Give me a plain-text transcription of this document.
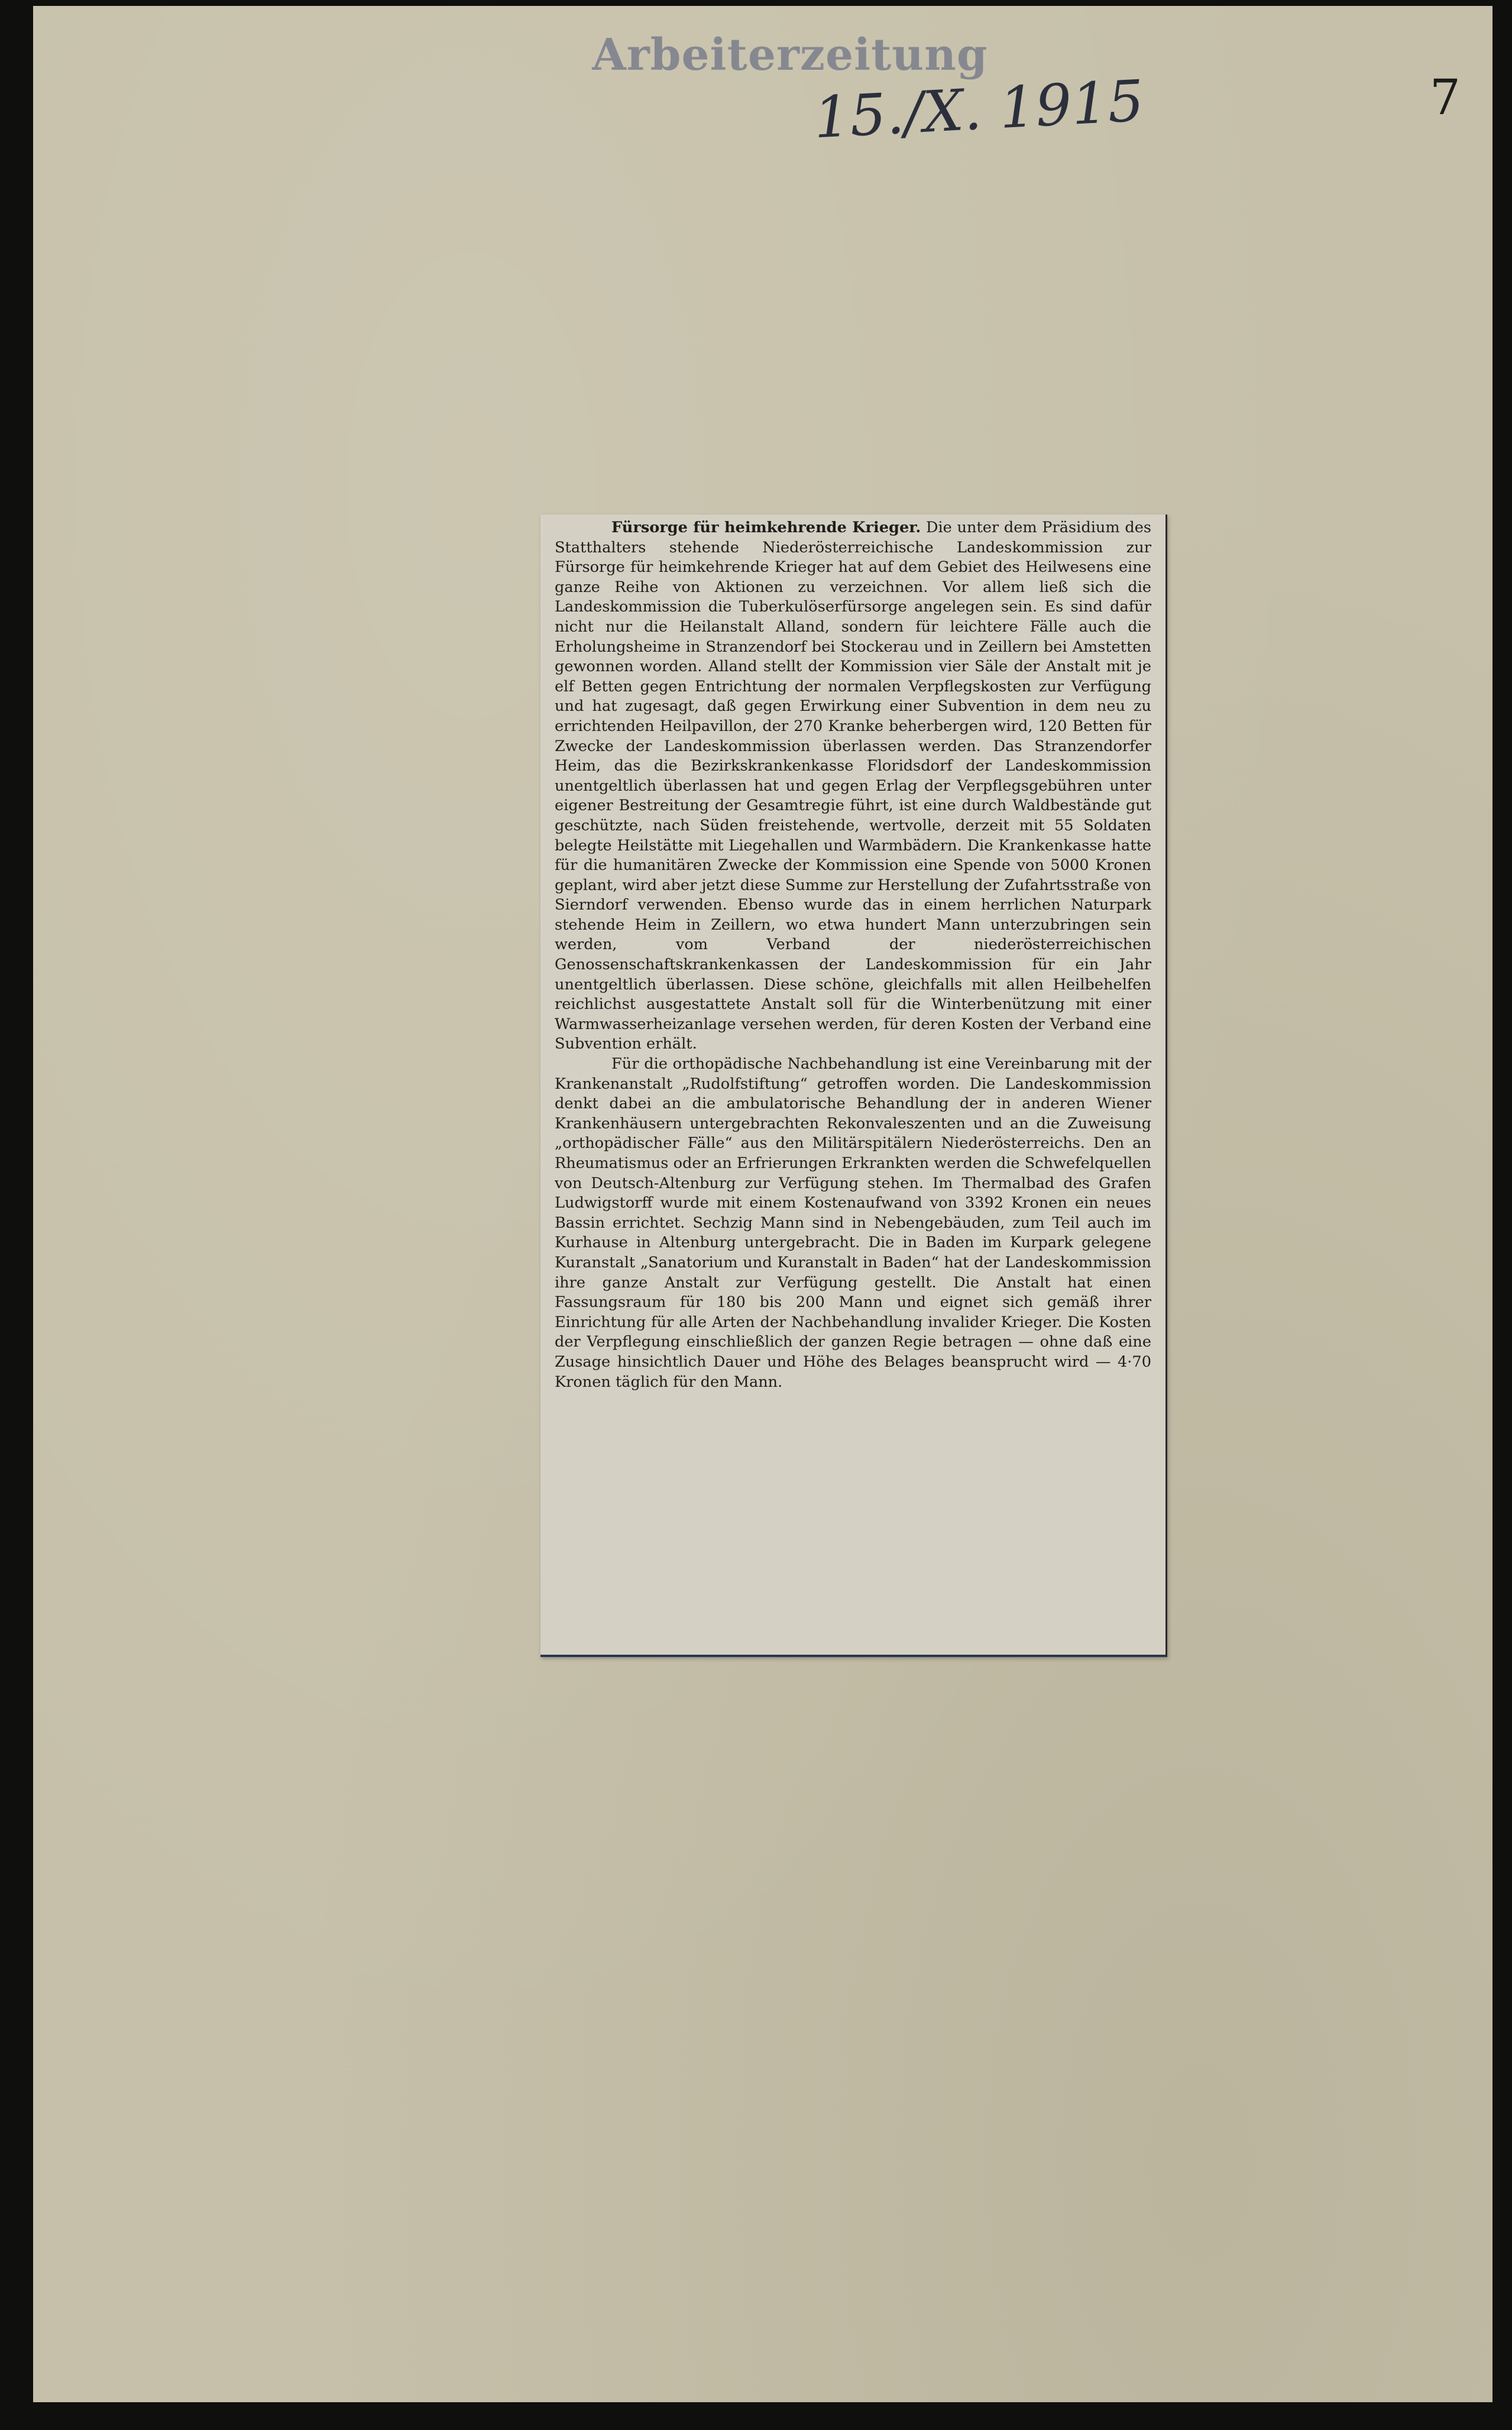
Arbeiterzeitung
15./X. 1915	7

Fürsorge für heimkehrende Krieger. Die unter dem Präsidium des Statthalters stehende Niederösterreichische Landeskommission zur Fürsorge für heimkehrende Krieger hat auf dem Gebiet des Heilwesens eine ganze Reihe von Aktionen zu verzeichnen. Vor allem ließ sich die Landeskommission die Tuberkulöserfürsorge angelegen sein. Es sind dafür nicht nur die Heilanstalt Alland, sondern für leichtere Fälle auch die Erholungsheime in Stranzendorf bei Stockerau und in Zeillern bei Amstetten gewonnen worden. Alland stellt der Kommission vier Säle der Anstalt mit je elf Betten gegen Entrichtung der normalen Verpflegskosten zur Verfügung und hat zugesagt, daß gegen Erwirkung einer Subvention in dem neu zu errichtenden Heilpavillon, der 270 Kranke beherbergen wird, 120 Betten für Zwecke der Landeskommission überlassen werden. Das Stranzendorfer Heim, das die Bezirkskrankenkasse Floridsdorf der Landeskommission unentgeltlich überlassen hat und gegen Erlag der Verpflegsgebühren unter eigener Bestreitung der Gesamtregie führt, ist eine durch Waldbestände gut geschützte, nach Süden freistehende, wertvolle, derzeit mit 55 Soldaten belegte Heilstätte mit Liegehallen und Warmbädern. Die Krankenkasse hatte für die humanitären Zwecke der Kommission eine Spende von 5000 Kronen geplant, wird aber jetzt diese Summe zur Herstellung der Zufahrtsstraße von Sierndorf verwenden. Ebenso wurde das in einem herrlichen Naturpark stehende Heim in Zeillern, wo etwa hundert Mann unterzubringen sein werden, vom Verband der niederösterreichischen Genossenschaftskrankenkassen der Landeskommission für ein Jahr unentgeltlich überlassen. Diese schöne, gleichfalls mit allen Heilbehelfen reichlichst ausgestattete Anstalt soll für die Winterbenützung mit einer Warmwasserheizanlage versehen werden, für deren Kosten der Verband eine Subvention erhält.

Für die orthopädische Nachbehandlung ist eine Vereinbarung mit der Krankenanstalt „Rudolfstiftung“ getroffen worden. Die Landeskommission denkt dabei an die ambulatorische Behandlung der in anderen Wiener Krankenhäusern untergebrachten Rekonvaleszenten und an die Zuweisung „orthopädischer Fälle“ aus den Militärspitälern Niederösterreichs. Den an Rheumatismus oder an Erfrierungen Erkrankten werden die Schwefelquellen von Deutsch-Altenburg zur Verfügung stehen. Im Thermalbad des Grafen Ludwigstorff wurde mit einem Kostenaufwand von 3392 Kronen ein neues Bassin errichtet. Sechzig Mann sind in Nebengebäuden, zum Teil auch im Kurhause in Altenburg untergebracht. Die in Baden im Kurpark gelegene Kuranstalt „Sanatorium und Kuranstalt in Baden“ hat der Landeskommission ihre ganze Anstalt zur Verfügung gestellt. Die Anstalt hat einen Fassungsraum für 180 bis 200 Mann und eignet sich gemäß ihrer Einrichtung für alle Arten der Nachbehandlung invalider Krieger. Die Kosten der Verpflegung einschließlich der ganzen Regie betragen — ohne daß eine Zusage hinsichtlich Dauer und Höhe des Belages beansprucht wird — 4·70 Kronen täglich für den Mann.
